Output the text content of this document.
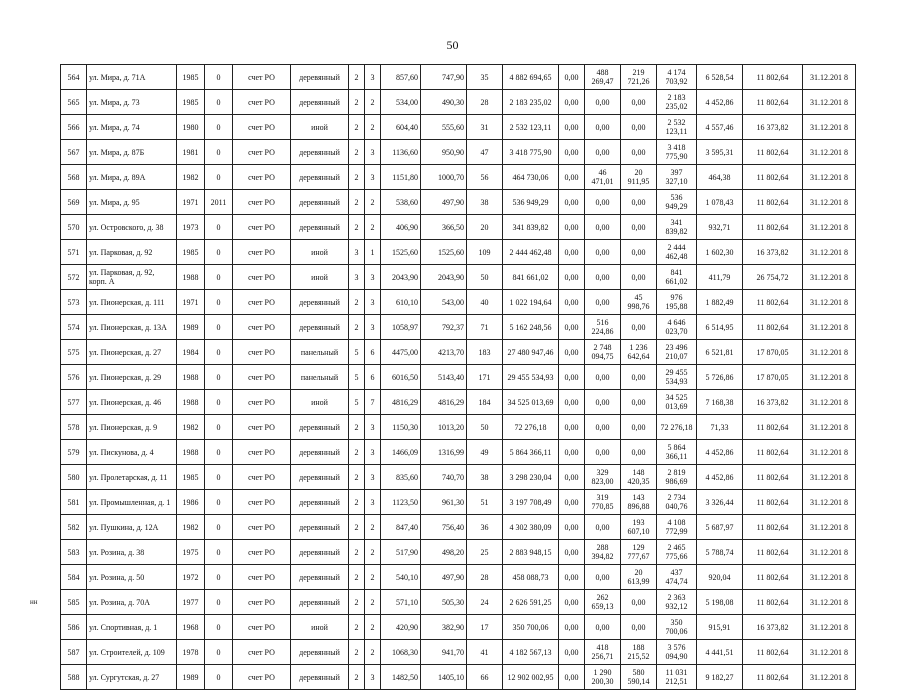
50
564	ул. Мира, д. 71А	1985	0	счет РО	деревянный	2	3	857,60	747,90	35	4 882 694,65	0,00	488 269,47	219 721,26	4 174 703,92	6 528,54	11 802,64	31.12.201 8
565	ул. Мира, д. 73	1985	0	счет РО	деревянный	2	2	534,00	490,30	28	2 183 235,02	0,00	0,00	0,00	2 183 235,02	4 452,86	11 802,64	31.12.201 8
566	ул. Мира, д. 74	1980	0	счет РО	иной	2	2	604,40	555,60	31	2 532 123,11	0,00	0,00	0,00	2 532 123,11	4 557,46	16 373,82	31.12.201 8
567	ул. Мира, д. 87Б	1981	0	счет РО	деревянный	2	3	1136,60	950,90	47	3 418 775,90	0,00	0,00	0,00	3 418 775,90	3 595,31	11 802,64	31.12.201 8
568	ул. Мира, д. 89А	1982	0	счет РО	деревянный	2	3	1151,80	1000,70	56	464 730,06	0,00	46 471,01	20 911,95	397 327,10	464,38	11 802,64	31.12.201 8
569	ул. Мира, д. 95	1971	2011	счет РО	деревянный	2	2	538,60	497,90	38	536 949,29	0,00	0,00	0,00	536 949,29	1 078,43	11 802,64	31.12.201 8
570	ул. Островского, д. 38	1973	0	счет РО	деревянный	2	2	406,90	366,50	20	341 839,82	0,00	0,00	0,00	341 839,82	932,71	11 802,64	31.12.201 8
571	ул. Парковая, д. 92	1985	0	счет РО	иной	3	1	1525,60	1525,60	109	2 444 462,48	0,00	0,00	0,00	2 444 462,48	1 602,30	16 373,82	31.12.201 8
572	ул. Парковая, д. 92, корп. А	1988	0	счет РО	иной	3	3	2043,90	2043,90	50	841 661,02	0,00	0,00	0,00	841 661,02	411,79	26 754,72	31.12.201 8
573	ул. Пионерская, д. 111	1971	0	счет РО	деревянный	2	3	610,10	543,00	40	1 022 194,64	0,00	0,00	45 998,76	976 195,88	1 882,49	11 802,64	31.12.201 8
574	ул. Пионерская, д. 13А	1989	0	счет РО	деревянный	2	3	1058,97	792,37	71	5 162 248,56	0,00	516 224,86	0,00	4 646 023,70	6 514,95	11 802,64	31.12.201 8
575	ул. Пионерская, д. 27	1984	0	счет РО	панельный	5	6	4475,00	4213,70	183	27 480 947,46	0,00	2 748 094,75	1 236 642,64	23 496 210,07	6 521,81	17 870,05	31.12.201 8
576	ул. Пионерская, д. 29	1988	0	счет РО	панельный	5	6	6016,50	5143,40	171	29 455 534,93	0,00	0,00	0,00	29 455 534,93	5 726,86	17 870,05	31.12.201 8
577	ул. Пионерская, д. 46	1988	0	счет РО	иной	5	7	4816,29	4816,29	184	34 525 013,69	0,00	0,00	0,00	34 525 013,69	7 168,38	16 373,82	31.12.201 8
578	ул. Пионерская, д. 9	1982	0	счет РО	деревянный	2	3	1150,30	1013,20	50	72 276,18	0,00	0,00	0,00	72 276,18	71,33	11 802,64	31.12.201 8
579	ул. Пискунова, д. 4	1988	0	счет РО	деревянный	2	3	1466,09	1316,99	49	5 864 366,11	0,00	0,00	0,00	5 864 366,11	4 452,86	11 802,64	31.12.201 8
580	ул. Пролетарская, д. 11	1985	0	счет РО	деревянный	2	3	835,60	740,70	38	3 298 230,04	0,00	329 823,00	148 420,35	2 819 986,69	4 452,86	11 802,64	31.12.201 8
581	ул. Промышленная, д. 1	1986	0	счет РО	деревянный	2	3	1123,50	961,30	51	3 197 708,49	0,00	319 770,85	143 896,88	2 734 040,76	3 326,44	11 802,64	31.12.201 8
582	ул. Пушкина, д. 12А	1982	0	счет РО	деревянный	2	2	847,40	756,40	36	4 302 380,09	0,00	0,00	193 607,10	4 108 772,99	5 687,97	11 802,64	31.12.201 8
583	ул. Розина, д. 38	1975	0	счет РО	деревянный	2	2	517,90	498,20	25	2 883 948,15	0,00	288 394,82	129 777,67	2 465 775,66	5 788,74	11 802,64	31.12.201 8
584	ул. Розина, д. 50	1972	0	счет РО	деревянный	2	2	540,10	497,90	28	458 088,73	0,00	0,00	20 613,99	437 474,74	920,04	11 802,64	31.12.201 8
585	ул. Розина, д. 70А	1977	0	счет РО	деревянный	2	2	571,10	505,30	24	2 626 591,25	0,00	262 659,13	0,00	2 363 932,12	5 198,08	11 802,64	31.12.201 8
586	ул. Спортивная, д. 1	1968	0	счет РО	иной	2	2	420,90	382,90	17	350 700,06	0,00	0,00	0,00	350 700,06	915,91	16 373,82	31.12.201 8
587	ул. Строителей, д. 109	1978	0	счет РО	деревянный	2	2	1068,30	941,70	41	4 182 567,13	0,00	418 256,71	188 215,52	3 576 094,90	4 441,51	11 802,64	31.12.201 8
588	ул. Сургутская, д. 27	1989	0	счет РО	деревянный	2	3	1482,50	1405,10	66	12 902 002,95	0,00	1 290 200,30	580 590,14	11 031 212,51	9 182,27	11 802,64	31.12.201 8
нн
